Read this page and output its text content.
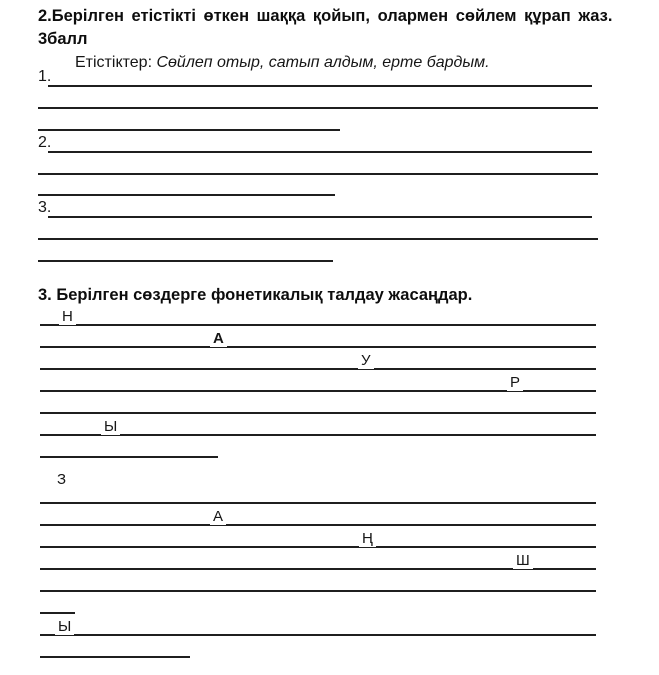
2.Берілген етістікті өткен шаққа қойып, олармен сөйлем құрап жаз.
3балл
Етістіктер: Сөйлеп отыр, сатып алдым, ерте бардым.
1.
2.
3.
3. Берілген сөздерге фонетикалық талдау жасаңдар.
Н
А
У
Р
Ы
З
А
Ң
Ш
Ы
